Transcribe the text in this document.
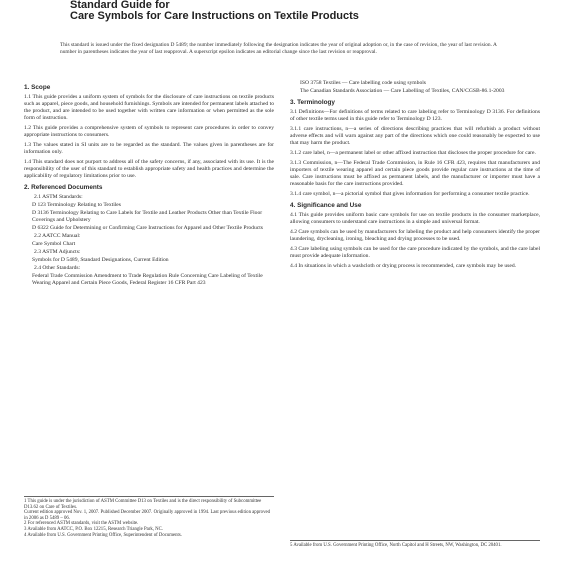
Standard Guide for
Care Symbols for Care Instructions on Textile Products
This standard is issued under the fixed designation D 5489; the number immediately following the designation indicates the year of original adoption or, in the case of revision, the year of last revision. A number in parentheses indicates the year of last reapproval. A superscript epsilon indicates an editorial change since the last revision or reapproval.
1. Scope
1.1 This guide provides a uniform system of symbols for the disclosure of care instructions on textile products such as apparel, piece goods, and household furnishings. Symbols are intended for permanent labels attached to the product, and are intended to be used together with written care information or when permitted as the sole form of instruction.
1.2 This guide provides a comprehensive system of symbols to represent care procedures in order to convey appropriate instructions to consumers.
1.3 The values stated in SI units are to be regarded as the standard. The values given in parentheses are for information only.
1.4 This standard does not purport to address all of the safety concerns, if any, associated with its use. It is the responsibility of the user of this standard to establish appropriate safety and health practices and determine the applicability of regulatory limitations prior to use.
2. Referenced Documents
2.1 ASTM Standards:
D 123 Terminology Relating to Textiles
D 3136 Terminology Relating to Care Labels for Textile and Leather Products Other than Textile Floor Coverings and Upholstery
D 6322 Guide for Determining or Confirming Care Instructions for Apparel and Other Textile Products
2.2 AATCC Manual:
Care Symbol Chart
2.3 ASTM Adjuncts:
Symbols for D 5489, Standard Designations, Current Edition
2.4 Other Standards:
Federal Trade Commission Amendment to Trade Regulation Rule Concerning Care Labeling of Textile Wearing Apparel and Certain Piece Goods, Federal Register 16 CFR Part 423
ISO 3758 Textiles — Care labelling code using symbols
The Canadian Standards Association — Care Labelling of Textiles, CAN/CGSB-86.1-2003
3. Terminology
3.1 Definitions—For definitions of terms related to care labeling refer to Terminology D 3136. For definitions of other textile terms used in this guide refer to Terminology D 123.
3.1.1 care instructions, n—a series of directions describing practices that will refurbish a product without adverse effects and will warn against any part of the directions which one could reasonably be expected to use that may harm the product.
3.1.2 care label, n—a permanent label or other affixed instruction that discloses the proper procedure for care.
3.1.3 Commission, n—The Federal Trade Commission, in Rule 16 CFR 423, requires that manufacturers and importers of textile wearing apparel and certain piece goods provide regular care instructions at the time of sale. Care instructions must be affixed as permanent labels, and the manufacturer or importer must have a reasonable basis for the care instructions provided.
3.1.4 care symbol, n—a pictorial symbol that gives information for performing a consumer textile practice.
4. Significance and Use
4.1 This guide provides uniform basic care symbols for use on textile products in the consumer marketplace, allowing consumers to understand care instructions in a simple and universal format.
4.2 Care symbols can be used by manufacturers for labeling the product and help consumers identify the proper laundering, drycleaning, ironing, bleaching and drying processes to be used.
4.3 Care labeling using symbols can be used for the care procedure indicated by the symbols, and the care label must provide adequate information.
4.4 In situations in which a washcloth or drying process is recommended, care symbols may be used.
1 This guide is under the jurisdiction of ASTM Committee D13 on Textiles and is the direct responsibility of Subcommittee D13.62 on Care of Textiles.
Current edition approved Nov. 1, 2007. Published December 2007. Originally approved in 1994. Last previous edition approved in 2006 as D 5489 – 06.
2 For referenced ASTM standards, visit the ASTM website.
3 Available from AATCC, P.O. Box 12215, Research Triangle Park, NC.
4 Available from U.S. Government Printing Office, Superintendent of Documents.
5 Available from U.S. Government Printing Office, North Capitol and H Streets, NW, Washington, DC 20401.
